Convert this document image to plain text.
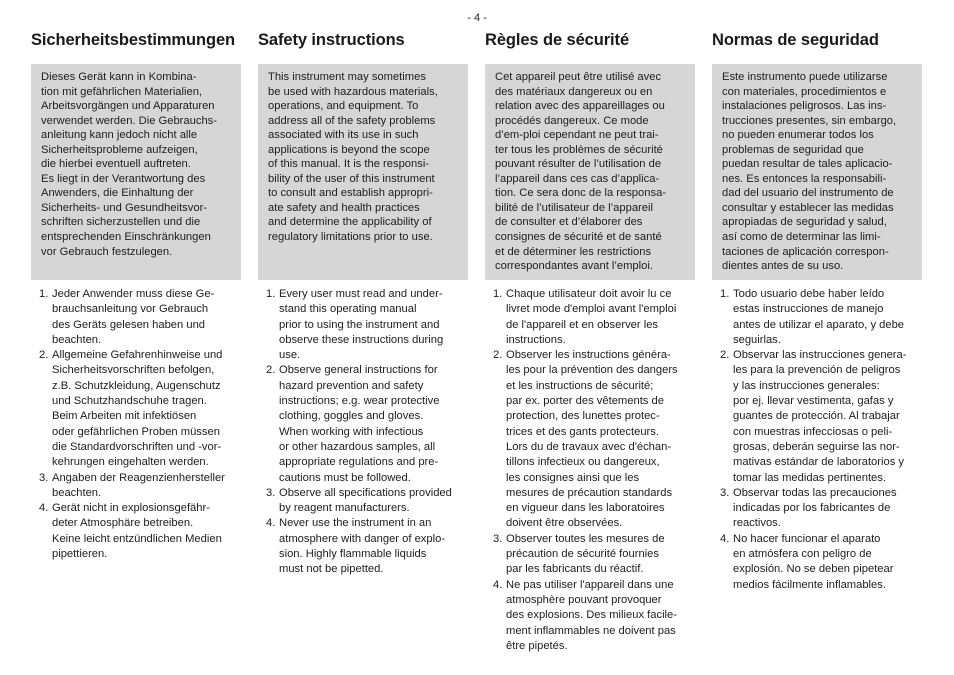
- 4 -
Sicherheitsbestimmungen
Dieses Gerät kann in Kombina-
tion mit gefährlichen Materialien,
Arbeitsvorgängen und Apparaturen
verwendet werden. Die Gebrauchs-
anleitung kann jedoch nicht alle
Sicherheitsprobleme aufzeigen,
die hierbei eventuell auftreten.
Es liegt in der Verantwortung des
Anwenders, die Einhaltung der
Sicherheits- und Gesundheitsvor-
schriften sicherzustellen und die
entsprechenden Einschränkungen
vor Gebrauch festzulegen.
1. Jeder Anwender muss diese Ge-
brauchsanleitung vor Gebrauch
des Geräts gelesen haben und
beachten.
2. Allgemeine Gefahrenhinweise und
Sicherheitsvorschriften befolgen,
z.B. Schutzkleidung, Augenschutz
und Schutzhandschuhe tragen.
Beim Arbeiten mit infektiösen
oder gefährlichen Proben müssen
die Standardvorschriften und -vor-
kehrungen eingehalten werden.
3. Angaben der Reagenzienhersteller
beachten.
4. Gerät nicht in explosionsgefähr-
deter Atmosphäre betreiben.
Keine leicht entzündlichen Medien
pipettieren.
Safety instructions
This instrument may sometimes
be used with hazardous materials,
operations, and equipment. To
address all of the safety problems
associated with its use in such
applications is beyond the scope
of this manual. It is the responsi-
bility of the user of this instrument
to consult and establish appropri-
ate safety and health practices
and determine the applicability of
regulatory limitations prior to use.
1. Every user must read and under-
stand this operating manual
prior to using the instrument and
observe these instructions during
use.
2. Observe general instructions for
hazard prevention and safety
instructions; e.g. wear protective
clothing, goggles and gloves.
When working with infectious
or other hazardous samples, all
appropriate regulations and pre-
cautions must be followed.
3. Observe all specifications provided
by reagent manufacturers.
4. Never use the instrument in an
atmosphere with danger of explo-
sion. Highly flammable liquids
must not be pipetted.
Règles de sécurité
Cet appareil peut être utilisé avec
des matériaux dangereux ou en
relation avec des appareillages ou
procédés dangereux. Ce mode
d’em-ploi cependant ne peut trai-
ter tous les problèmes de sécurité
pouvant résulter de l’utilisation de
l’appareil dans ces cas d’applica-
tion. Ce sera donc de la responsa-
bilité de l’utilisateur de l’appareil
de consulter et d’élaborer des
consignes de sécurité et de santé
et de déterminer les restrictions
correspondantes avant l’emploi.
1. Chaque utilisateur doit avoir lu ce
livret mode d'emploi avant l'emploi
de l'appareil et en observer les
instructions.
2. Observer les instructions généra-
les pour la prévention des dangers
et les instructions de sécurité;
par ex. porter des vêtements de
protection, des lunettes protec-
trices et des gants protecteurs.
Lors du de travaux avec d'échan-
tillons infectieux ou dangereux,
les consignes ainsi que les
mesures de précaution standards
en vigueur dans les laboratoires
doivent être observées.
3. Observer toutes les mesures de
précaution de sécurité fournies
par les fabricants du réactif.
4. Ne pas utiliser l'appareil dans une
atmosphère pouvant provoquer
des explosions. Des milieux facile-
ment inflammables ne doivent pas
être pipetés.
Normas de seguridad
Este instrumento puede utilizarse
con materiales, procedimientos e
instalaciones peligrosos. Las ins-
trucciones presentes, sin embargo,
no pueden enumerar todos los
problemas de seguridad que
puedan resultar de tales aplicacio-
nes. Es entonces la responsabili-
dad del usuario del instrumento de
consultar y establecer las medidas
apropiadas de seguridad y salud,
así como de determinar las limi-
taciones de aplicación correspon-
dientes antes de su uso.
1. Todo usuario debe haber leído
estas instrucciones de manejo
antes de utilizar el aparato, y debe
seguirlas.
2. Observar las instrucciones genera-
les para la prevención de peligros
y las instrucciones generales:
por ej. llevar vestimenta, gafas y
guantes de protección. Al trabajar
con muestras infecciosas o peli-
grosas, deberán seguirse las nor-
mativas estándar de laboratorios y
tomar las medidas pertinentes.
3. Observar todas las precauciones
indicadas por los fabricantes de
reactivos.
4. No hacer funcionar el aparato
en atmósfera con peligro de
explosión. No se deben pipetear
medios fácilmente inflamables.
